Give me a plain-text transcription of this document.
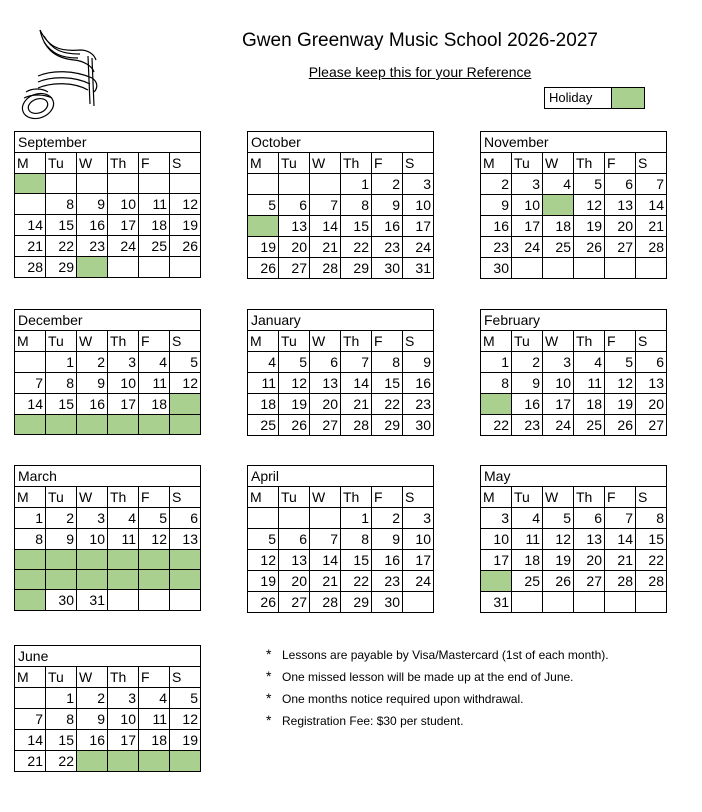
Gwen Greenway Music School 2026-2027
Please keep this for your Reference
Holiday
September					
M	Tu	W	Th	F	S

	8	9	10	11	12
14	15	16	17	18	19
21	22	23	24	25	26
28	29				
October					
M	Tu	W	Th	F	S
			1	2	3
5	6	7	8	9	10
	13	14	15	16	17
19	20	21	22	23	24
26	27	28	29	30	31
November					
M	Tu	W	Th	F	S
2	3	4	5	6	7
9	10		12	13	14
16	17	18	19	20	21
23	24	25	26	27	28
30					
December					
M	Tu	W	Th	F	S
	1	2	3	4	5
7	8	9	10	11	12
14	15	16	17	18	

January					
M	Tu	W	Th	F	S
4	5	6	7	8	9
11	12	13	14	15	16
18	19	20	21	22	23
25	26	27	28	29	30
February					
M	Tu	W	Th	F	S
1	2	3	4	5	6
8	9	10	11	12	13
	16	17	18	19	20
22	23	24	25	26	27
March					
M	Tu	W	Th	F	S
1	2	3	4	5	6
8	9	10	11	12	13

	30	31			
April					
M	Tu	W	Th	F	S
			1	2	3
5	6	7	8	9	10
12	13	14	15	16	17
19	20	21	22	23	24
26	27	28	29	30	
May					
M	Tu	W	Th	F	S
3	4	5	6	7	8
10	11	12	13	14	15
17	18	19	20	21	22
	25	26	27	28	28
31					
June					
M	Tu	W	Th	F	S
	1	2	3	4	5
7	8	9	10	11	12
14	15	16	17	18	19
21	22				
* Lessons are payable by Visa/Mastercard (1st of each month).
* One missed lesson will be made up at the end of June.
* One months notice required upon withdrawal.
* Registration Fee: $30 per student.
